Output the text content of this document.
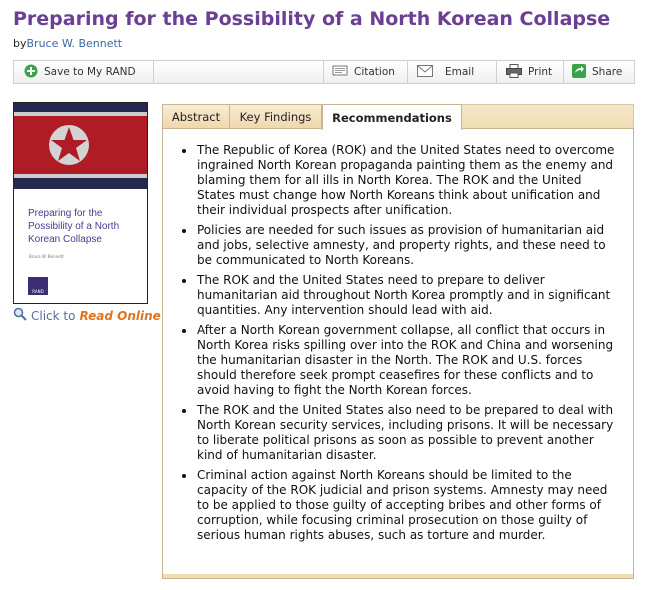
Preparing for the Possibility of a North Korean Collapse
byBruce W. Bennett
Save to My RAND	Citation	Email	Print	Share
Preparing for the Possibility of a North Korean Collapse
Bruce W. Bennett
RAND
Click to Read Online
Abstract Key Findings Recommendations
The Republic of Korea (ROK) and the United States need to overcome ingrained North Korean propaganda painting them as the enemy and blaming them for all ills in North Korea. The ROK and the United States must change how North Koreans think about unification and their individual prospects after unification.
Policies are needed for such issues as provision of humanitarian aid and jobs, selective amnesty, and property rights, and these need to be communicated to North Koreans.
The ROK and the United States need to prepare to deliver humanitarian aid throughout North Korea promptly and in significant quantities. Any intervention should lead with aid.
After a North Korean government collapse, all conflict that occurs in North Korea risks spilling over into the ROK and China and worsening the humanitarian disaster in the North. The ROK and U.S. forces should therefore seek prompt ceasefires for these conflicts and to avoid having to fight the North Korean forces.
The ROK and the United States also need to be prepared to deal with North Korean security services, including prisons. It will be necessary to liberate political prisons as soon as possible to prevent another kind of humanitarian disaster.
Criminal action against North Koreans should be limited to the capacity of the ROK judicial and prison systems. Amnesty may need to be applied to those guilty of accepting bribes and other forms of corruption, while focusing criminal prosecution on those guilty of serious human rights abuses, such as torture and murder.
